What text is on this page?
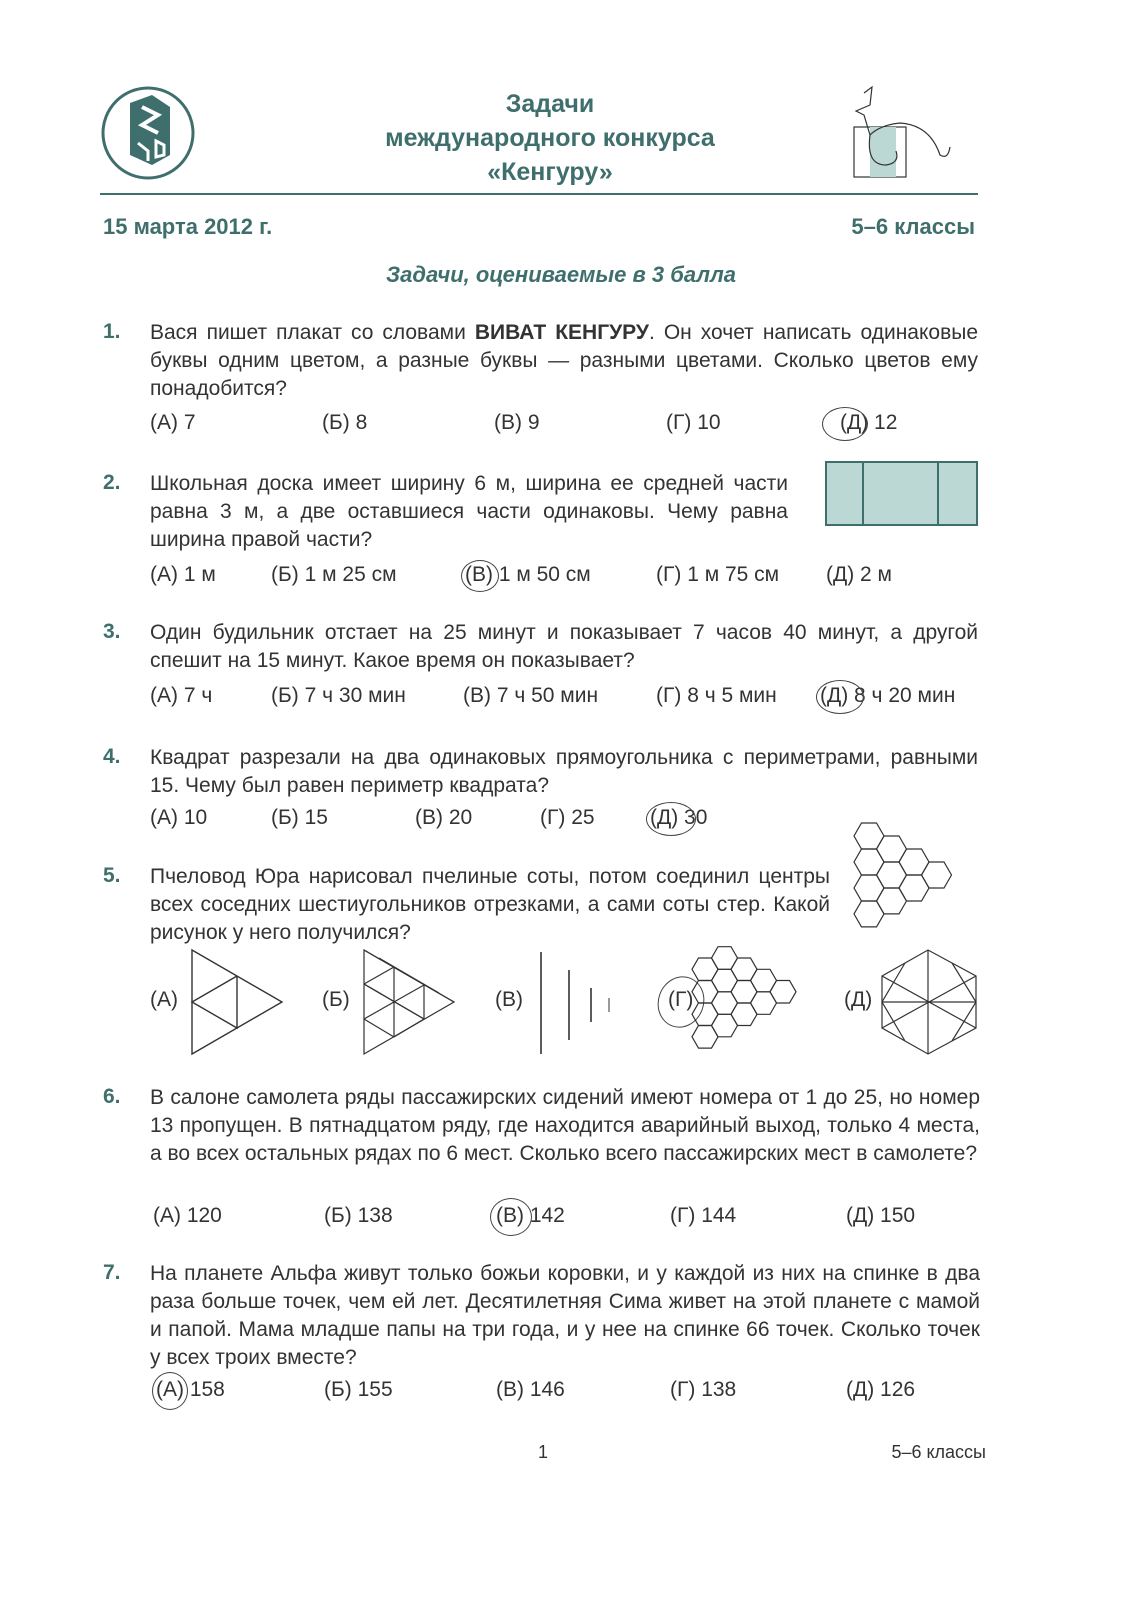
Задачи
международного конкурса
«Кенгуру»
15 марта 2012 г.	5–6 классы
Задачи, оцениваемые в 3 балла
1. Вася пишет плакат со словами ВИВАТ КЕНГУРУ. Он хочет написать одинаковые буквы одним цветом, а разные буквы — разными цветами. Сколько цветов ему понадобится?
(А) 7	(Б) 8	(В) 9	(Г) 10	(Д) 12
2. Школьная доска имеет ширину 6 м, ширина ее средней части равна 3 м, а две оставшиеся части одинаковы. Чему равна ширина правой части?
(А) 1 м	(Б) 1 м 25 см	(В) 1 м 50 см	(Г) 1 м 75 см (Д) 2 м
3. Один будильник отстает на 25 минут и показывает 7 часов 40 минут, а другой спешит на 15 минут. Какое время он показывает?
(А) 7 ч	(Б) 7 ч 30 мин	(В) 7 ч 50 мин	(Г) 8 ч 5 мин (Д) 8 ч 20 мин
4. Квадрат разрезали на два одинаковых прямоугольника с периметрами, равными 15. Чему был равен периметр квадрата?
(А) 10	(Б) 15	(В) 20	(Г) 25	(Д) 30
5. Пчеловод Юра нарисовал пчелиные соты, потом соединил центры всех соседних шестиугольников отрезками, а сами соты стер. Какой рисунок у него получился?
(А)	(Б)	(В)	(Г)	(Д)
6. В салоне самолета ряды пассажирских сидений имеют номера от 1 до 25, но номер 13 пропущен. В пятнадцатом ряду, где находится аварийный выход, только 4 места, а во всех остальных рядах по 6 мест. Сколько всего пассажирских мест в самолете?
(А) 120	(Б) 138	(В) 142	(Г) 144	(Д) 150
7. На планете Альфа живут только божьи коровки, и у каждой из них на спинке в два раза больше точек, чем ей лет. Десятилетняя Сима живет на этой планете с мамой и папой. Мама младше папы на три года, и у нее на спинке 66 точек. Сколько точек у всех троих вместе?
(А) 158	(Б) 155	(В) 146	(Г) 138	(Д) 126
1	5–6 классы
